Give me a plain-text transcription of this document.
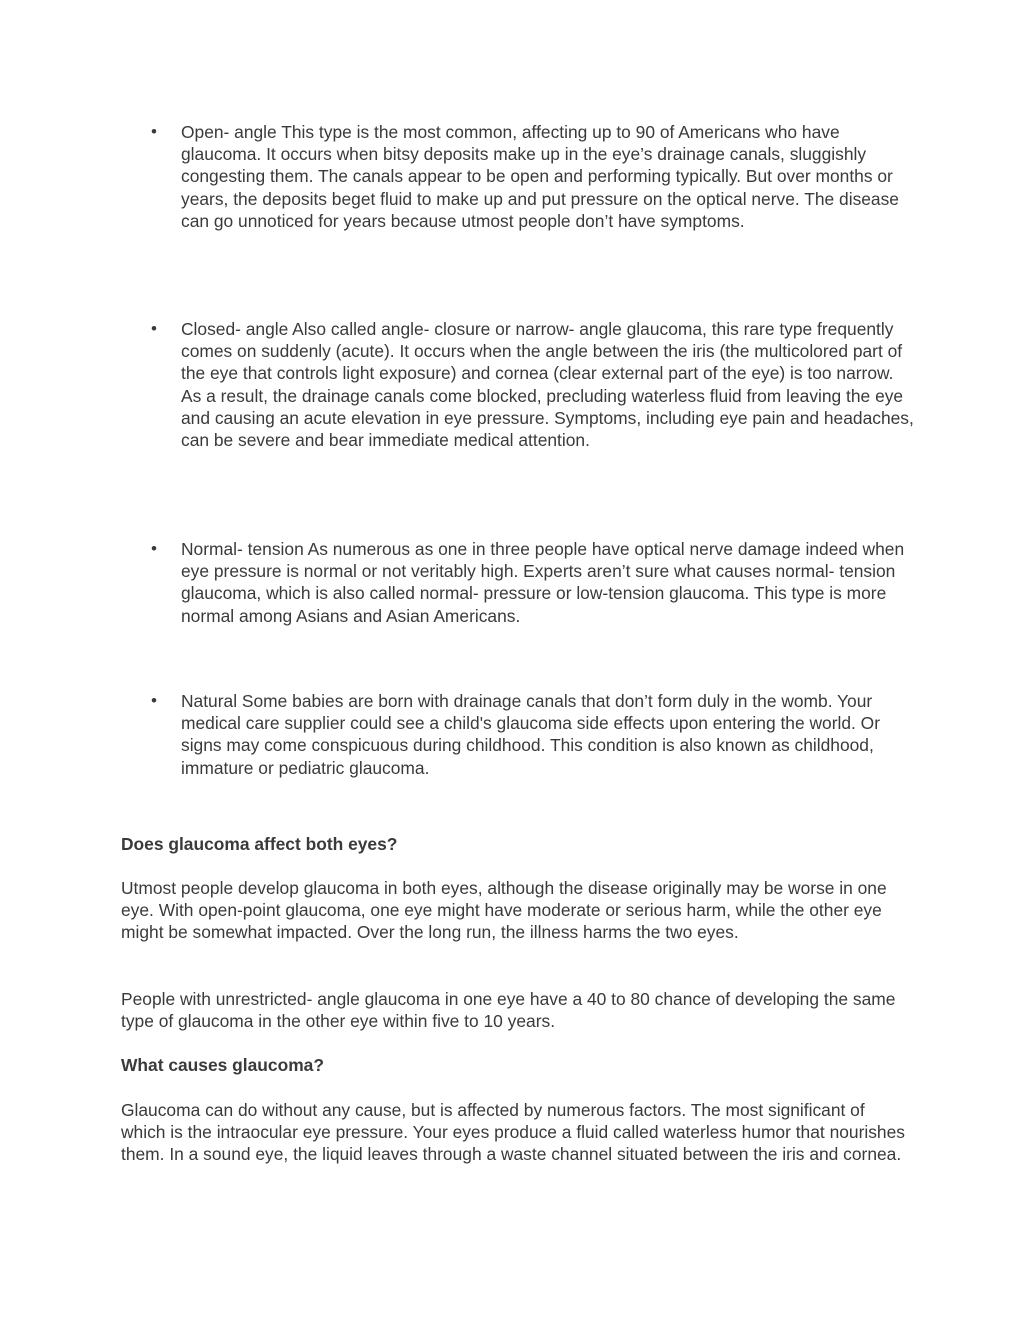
• Open- angle This type is the most common, affecting up to 90 of Americans who have glaucoma. It occurs when bitsy deposits make up in the eye’s drainage canals, sluggishly congesting them. The canals appear to be open and performing typically. But over months or years, the deposits beget fluid to make up and put pressure on the optical nerve. The disease can go unnoticed for years because utmost people don’t have symptoms.

• Closed- angle Also called angle- closure or narrow- angle glaucoma, this rare type frequently comes on suddenly (acute). It occurs when the angle between the iris (the multicolored part of the eye that controls light exposure) and cornea (clear external part of the eye) is too narrow. As a result, the drainage canals come blocked, precluding waterless fluid from leaving the eye and causing an acute elevation in eye pressure. Symptoms, including eye pain and headaches, can be severe and bear immediate medical attention.

• Normal- tension As numerous as one in three people have optical nerve damage indeed when eye pressure is normal or not veritably high. Experts aren’t sure what causes normal- tension glaucoma, which is also called normal- pressure or low-tension glaucoma. This type is more normal among Asians and Asian Americans.

• Natural Some babies are born with drainage canals that don’t form duly in the womb. Your medical care supplier could see a child's glaucoma side effects upon entering the world. Or signs may come conspicuous during childhood. This condition is also known as childhood, immature or pediatric glaucoma.

Does glaucoma affect both eyes?

Utmost people develop glaucoma in both eyes, although the disease originally may be worse in one eye. With open-point glaucoma, one eye might have moderate or serious harm, while the other eye might be somewhat impacted. Over the long run, the illness harms the two eyes.

People with unrestricted- angle glaucoma in one eye have a 40 to 80 chance of developing the same type of glaucoma in the other eye within five to 10 years.

What causes glaucoma?

Glaucoma can do without any cause, but is affected by numerous factors. The most significant of which is the intraocular eye pressure. Your eyes produce a fluid called waterless humor that nourishes them. In a sound eye, the liquid leaves through a waste channel situated between the iris and cornea.
